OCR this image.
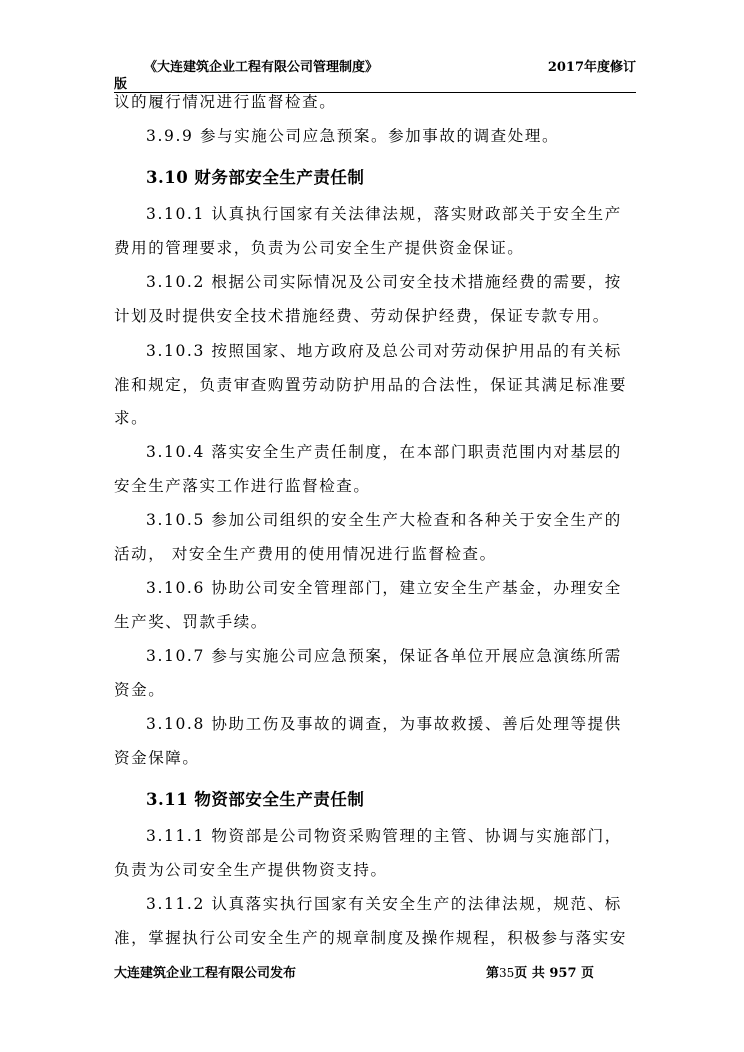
《大连建筑企业工程有限公司管理制度》	2017年度修订
版
议的履行情况进行监督检查。
3.9.9 参与实施公司应急预案。参加事故的调查处理。
3.10 财务部安全生产责任制
3.10.1 认真执行国家有关法律法规，落实财政部关于安全生产
费用的管理要求，负责为公司安全生产提供资金保证。
3.10.2 根据公司实际情况及公司安全技术措施经费的需要，按
计划及时提供安全技术措施经费、劳动保护经费，保证专款专用。
3.10.3 按照国家、地方政府及总公司对劳动保护用品的有关标
准和规定，负责审查购置劳动防护用品的合法性，保证其满足标准要
求。
3.10.4 落实安全生产责任制度，在本部门职责范围内对基层的
安全生产落实工作进行监督检查。
3.10.5 参加公司组织的安全生产大检查和各种关于安全生产的
活动， 对安全生产费用的使用情况进行监督检查。
3.10.6 协助公司安全管理部门，建立安全生产基金，办理安全
生产奖、罚款手续。
3.10.7 参与实施公司应急预案，保证各单位开展应急演练所需
资金。
3.10.8 协助工伤及事故的调查，为事故救援、善后处理等提供
资金保障。
3.11 物资部安全生产责任制
3.11.1 物资部是公司物资采购管理的主管、协调与实施部门，
负责为公司安全生产提供物资支持。
3.11.2 认真落实执行国家有关安全生产的法律法规，规范、标
准，掌握执行公司安全生产的规章制度及操作规程，积极参与落实安
大连建筑企业工程有限公司发布	第35页 共 957 页
